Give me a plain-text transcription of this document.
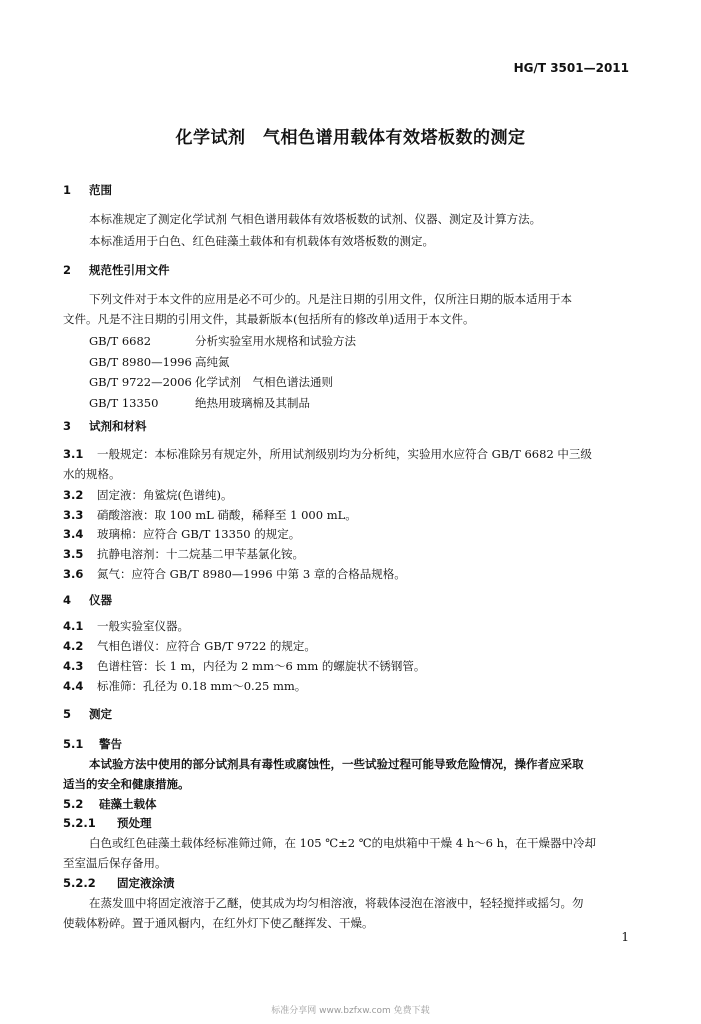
HG/T 3501—2011
化学试剂　气相色谱用载体有效塔板数的测定
1 范围
本标准规定了测定化学试剂 气相色谱用载体有效塔板数的试剂、仪器、测定及计算方法。
本标准适用于白色、红色硅藻土载体和有机载体有效塔板数的测定。
2 规范性引用文件
下列文件对于本文件的应用是必不可少的。凡是注日期的引用文件，仅所注日期的版本适用于本
文件。凡是不注日期的引用文件，其最新版本(包括所有的修改单)适用于本文件。
GB/T 6682	分析实验室用水规格和试验方法
GB/T 8980—1996 高纯氮
GB/T 9722—2006 化学试剂　气相色谱法通则
GB/T 13350	绝热用玻璃棉及其制品
3 试剂和材料
3.1 一般规定：本标准除另有规定外，所用试剂级别均为分析纯，实验用水应符合 GB/T 6682 中三级
水的规格。
3.2 固定液：角鲨烷(色谱纯)。
3.3 硝酸溶液：取 100 mL 硝酸，稀释至 1 000 mL。
3.4 玻璃棉：应符合 GB/T 13350 的规定。
3.5 抗静电溶剂：十二烷基二甲苄基氯化铵。
3.6 氮气：应符合 GB/T 8980—1996 中第 3 章的合格品规格。
4 仪器
4.1 一般实验室仪器。
4.2 气相色谱仪：应符合 GB/T 9722 的规定。
4.3 色谱柱管：长 1 m，内径为 2 mm～6 mm 的螺旋状不锈钢管。
4.4 标准筛：孔径为 0.18 mm～0.25 mm。
5 测定
5.1 警告
本试验方法中使用的部分试剂具有毒性或腐蚀性，一些试验过程可能导致危险情况，操作者应采取
适当的安全和健康措施。
5.2 硅藻土载体
5.2.1 预处理
白色或红色硅藻土载体经标准筛过筛，在 105 ℃±2 ℃的电烘箱中干燥 4 h～6 h，在干燥器中冷却
至室温后保存备用。
5.2.2 固定液涂渍
在蒸发皿中将固定液溶于乙醚，使其成为均匀相溶液，将载体浸泡在溶液中，轻轻搅拌或摇匀。勿
使载体粉碎。置于通风橱内，在红外灯下使乙醚挥发、干燥。
1
标准分享网 www.bzfxw.com 免费下载
